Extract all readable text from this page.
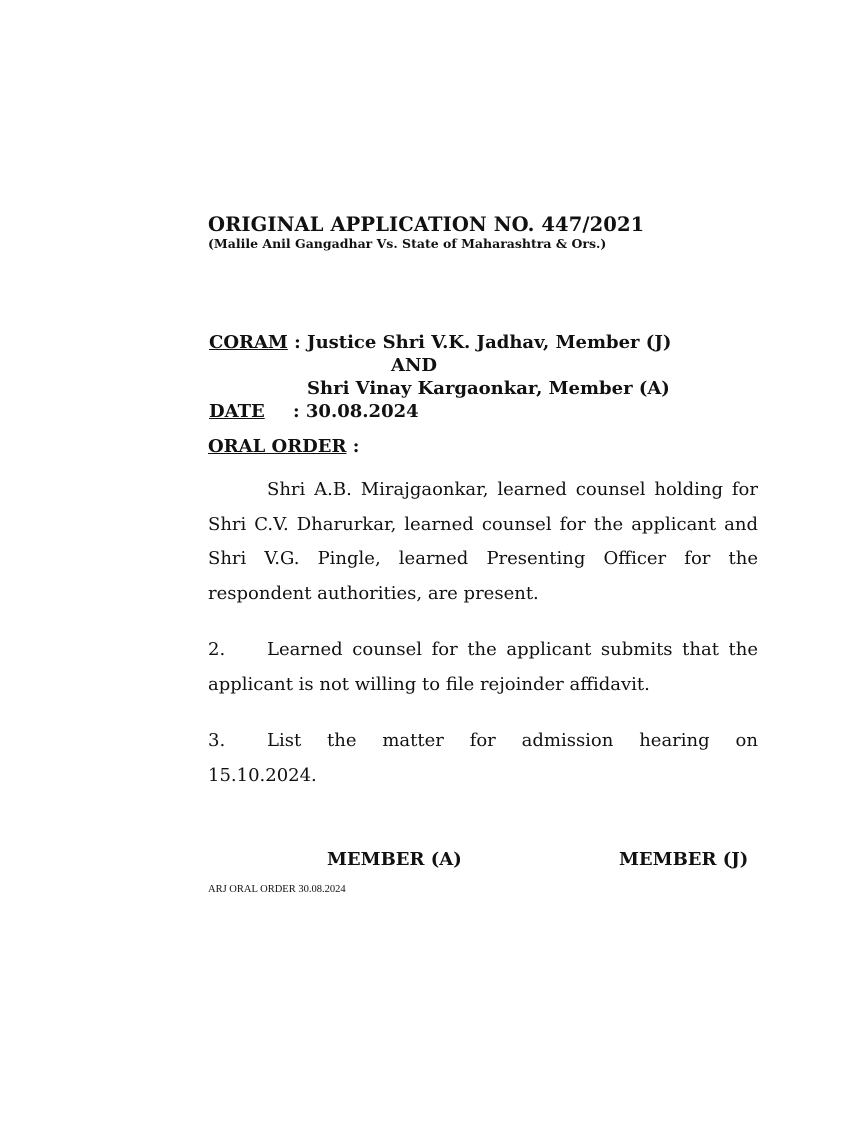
ORIGINAL APPLICATION NO. 447/2021
(Malile Anil Gangadhar Vs. State of Maharashtra & Ors.)
CORAM : Justice Shri V.K. Jadhav, Member (J)
AND
Shri Vinay Kargaonkar, Member (A)
DATE : 30.08.2024
ORAL ORDER :
Shri A.B. Mirajgaonkar, learned counsel holding for Shri C.V. Dharurkar, learned counsel for the applicant and Shri V.G. Pingle, learned Presenting Officer for the respondent authorities, are present.
2. Learned counsel for the applicant submits that the applicant is not willing to file rejoinder affidavit.
3.	List the matter for admission hearing on
15.10.2024.
MEMBER (A)	MEMBER (J)
ARJ ORAL ORDER 30.08.2024
